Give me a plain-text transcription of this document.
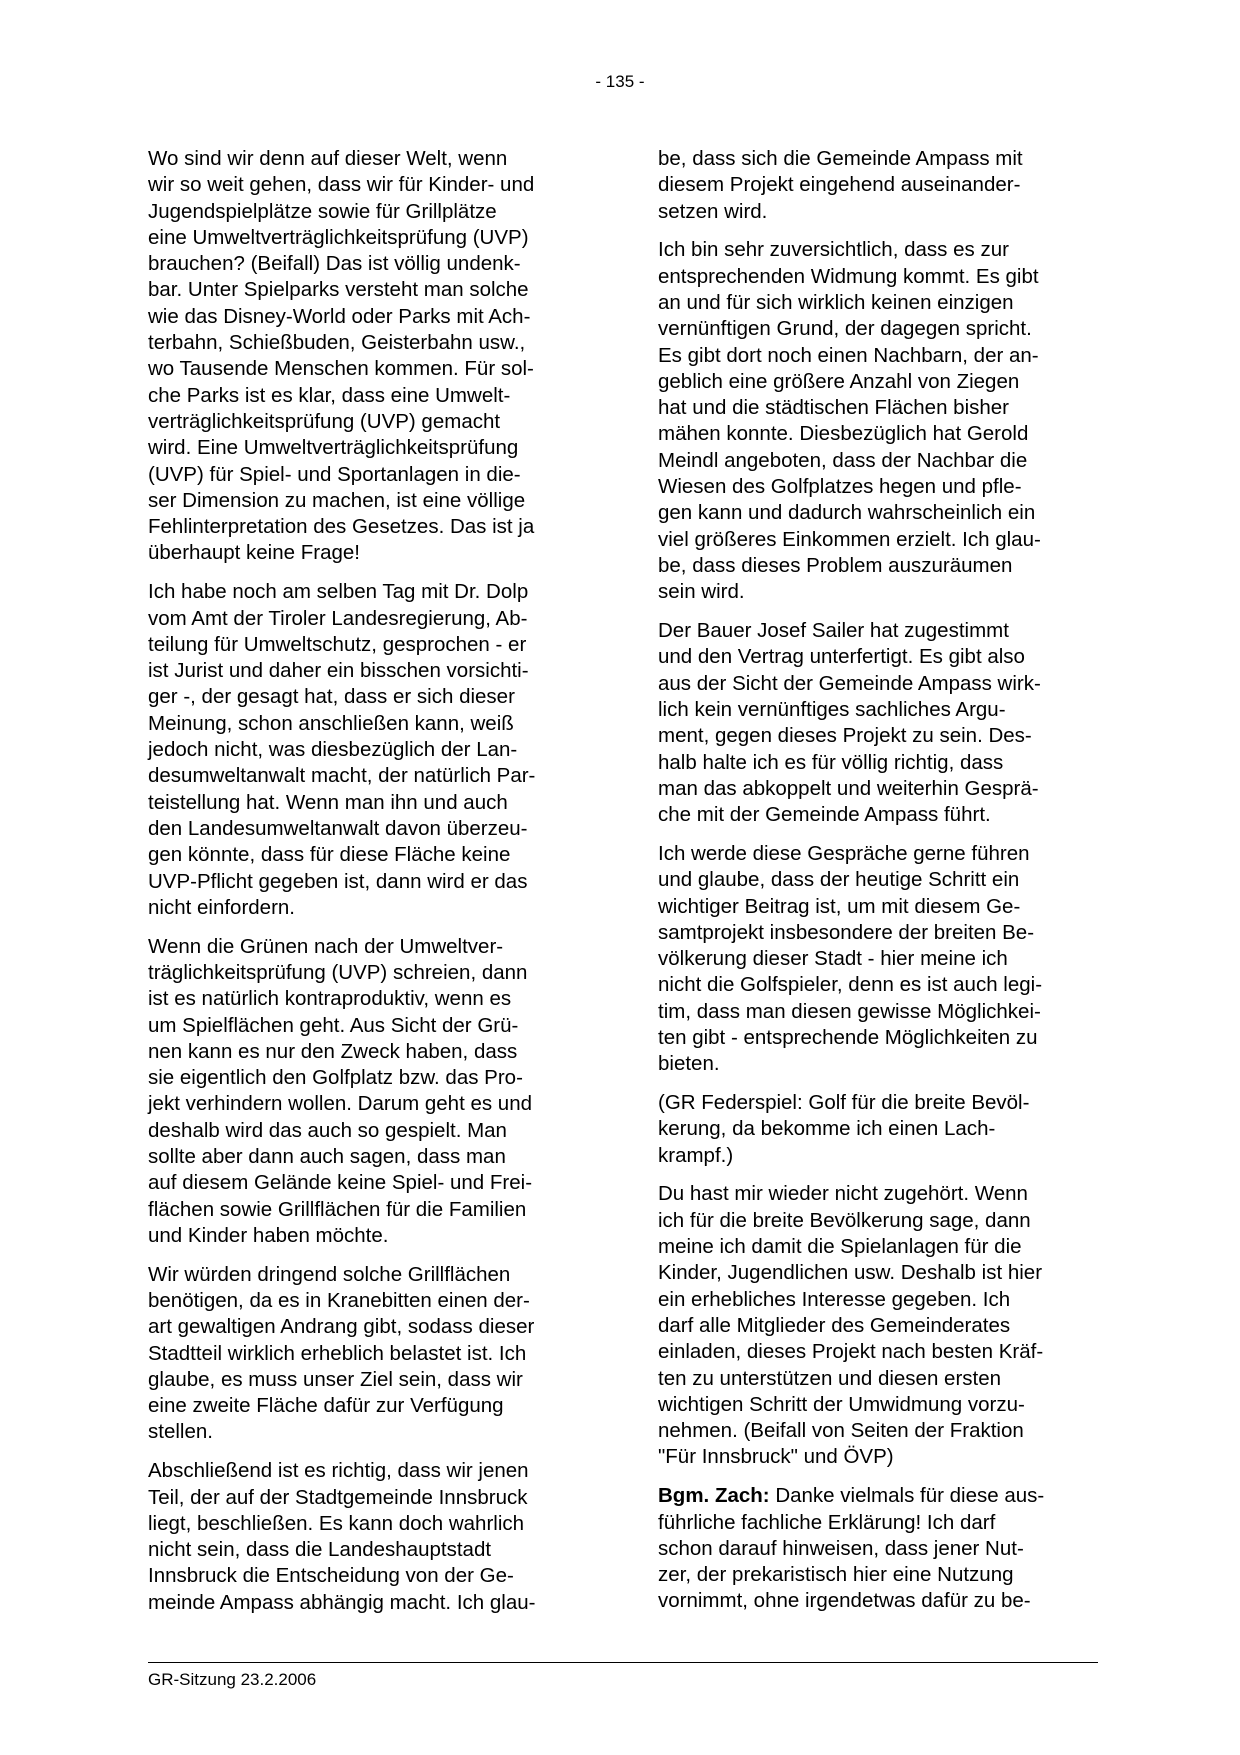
- 135 -

Wo sind wir denn auf dieser Welt, wenn
wir so weit gehen, dass wir für Kinder- und
Jugendspielplätze sowie für Grillplätze
eine Umweltverträglichkeitsprüfung (UVP)
brauchen? (Beifall) Das ist völlig undenk-
bar. Unter Spielparks versteht man solche
wie das Disney-World oder Parks mit Ach-
terbahn, Schießbuden, Geisterbahn usw.,
wo Tausende Menschen kommen. Für sol-
che Parks ist es klar, dass eine Umwelt-
verträglichkeitsprüfung (UVP) gemacht
wird. Eine Umweltverträglichkeitsprüfung
(UVP) für Spiel- und Sportanlagen in die-
ser Dimension zu machen, ist eine völlige
Fehlinterpretation des Gesetzes. Das ist ja
überhaupt keine Frage!

Ich habe noch am selben Tag mit Dr. Dolp
vom Amt der Tiroler Landesregierung, Ab-
teilung für Umweltschutz, gesprochen - er
ist Jurist und daher ein bisschen vorsichti-
ger -, der gesagt hat, dass er sich dieser
Meinung, schon anschließen kann, weiß
jedoch nicht, was diesbezüglich der Lan-
desumweltanwalt macht, der natürlich Par-
teistellung hat. Wenn man ihn und auch
den Landesumweltanwalt davon überzeu-
gen könnte, dass für diese Fläche keine
UVP-Pflicht gegeben ist, dann wird er das
nicht einfordern.

Wenn die Grünen nach der Umweltver-
träglichkeitsprüfung (UVP) schreien, dann
ist es natürlich kontraproduktiv, wenn es
um Spielflächen geht. Aus Sicht der Grü-
nen kann es nur den Zweck haben, dass
sie eigentlich den Golfplatz bzw. das Pro-
jekt verhindern wollen. Darum geht es und
deshalb wird das auch so gespielt. Man
sollte aber dann auch sagen, dass man
auf diesem Gelände keine Spiel- und Frei-
flächen sowie Grillflächen für die Familien
und Kinder haben möchte.

Wir würden dringend solche Grillflächen
benötigen, da es in Kranebitten einen der-
art gewaltigen Andrang gibt, sodass dieser
Stadtteil wirklich erheblich belastet ist. Ich
glaube, es muss unser Ziel sein, dass wir
eine zweite Fläche dafür zur Verfügung
stellen.

Abschließend ist es richtig, dass wir jenen
Teil, der auf der Stadtgemeinde Innsbruck
liegt, beschließen. Es kann doch wahrlich
nicht sein, dass die Landeshauptstadt
Innsbruck die Entscheidung von der Ge-
meinde Ampass abhängig macht. Ich glau-

be, dass sich die Gemeinde Ampass mit
diesem Projekt eingehend auseinander-
setzen wird.

Ich bin sehr zuversichtlich, dass es zur
entsprechenden Widmung kommt. Es gibt
an und für sich wirklich keinen einzigen
vernünftigen Grund, der dagegen spricht.
Es gibt dort noch einen Nachbarn, der an-
geblich eine größere Anzahl von Ziegen
hat und die städtischen Flächen bisher
mähen konnte. Diesbezüglich hat Gerold
Meindl angeboten, dass der Nachbar die
Wiesen des Golfplatzes hegen und pfle-
gen kann und dadurch wahrscheinlich ein
viel größeres Einkommen erzielt. Ich glau-
be, dass dieses Problem auszuräumen
sein wird.

Der Bauer Josef Sailer hat zugestimmt
und den Vertrag unterfertigt. Es gibt also
aus der Sicht der Gemeinde Ampass wirk-
lich kein vernünftiges sachliches Argu-
ment, gegen dieses Projekt zu sein. Des-
halb halte ich es für völlig richtig, dass
man das abkoppelt und weiterhin Gesprä-
che mit der Gemeinde Ampass führt.

Ich werde diese Gespräche gerne führen
und glaube, dass der heutige Schritt ein
wichtiger Beitrag ist, um mit diesem Ge-
samtprojekt insbesondere der breiten Be-
völkerung dieser Stadt - hier meine ich
nicht die Golfspieler, denn es ist auch legi-
tim, dass man diesen gewisse Möglichkei-
ten gibt - entsprechende Möglichkeiten zu
bieten.

(GR Federspiel: Golf für die breite Bevöl-
kerung, da bekomme ich einen Lach-
krampf.)

Du hast mir wieder nicht zugehört. Wenn
ich für die breite Bevölkerung sage, dann
meine ich damit die Spielanlagen für die
Kinder, Jugendlichen usw. Deshalb ist hier
ein erhebliches Interesse gegeben. Ich
darf alle Mitglieder des Gemeinderates
einladen, dieses Projekt nach besten Kräf-
ten zu unterstützen und diesen ersten
wichtigen Schritt der Umwidmung vorzu-
nehmen. (Beifall von Seiten der Fraktion
"Für Innsbruck" und ÖVP)

Bgm. Zach: Danke vielmals für diese aus-
führliche fachliche Erklärung! Ich darf
schon darauf hinweisen, dass jener Nut-
zer, der prekaristisch hier eine Nutzung
vornimmt, ohne irgendetwas dafür zu be-

GR-Sitzung 23.2.2006
